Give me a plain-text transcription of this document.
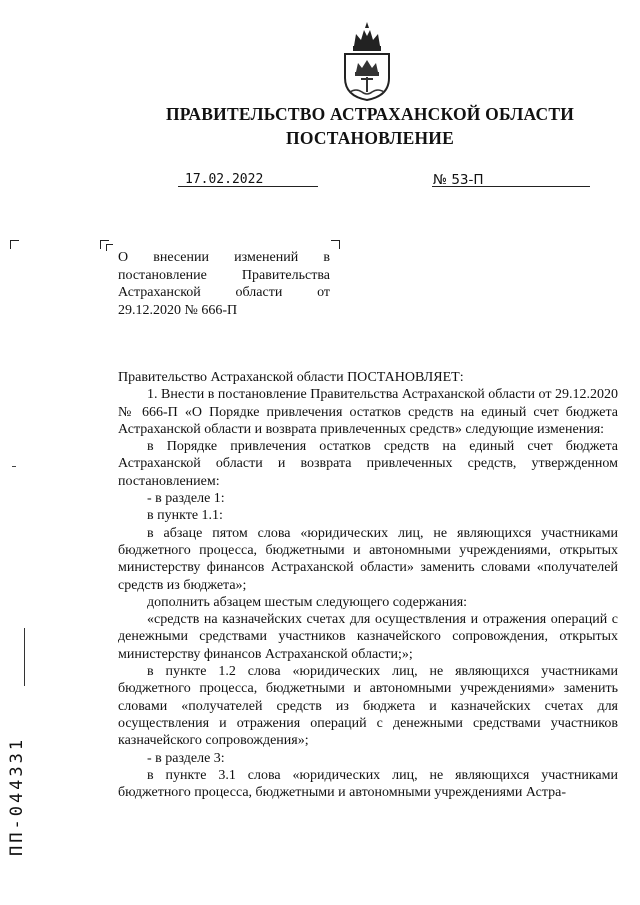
ПРАВИТЕЛЬСТВО АСТРАХАНСКОЙ ОБЛАСТИ
ПОСТАНОВЛЕНИЕ
17.02.2022	№ 53-П
О внесении изменений в постановление Правительства Астраханской области от 29.12.2020 № 666-П

Правительство Астраханской области ПОСТАНОВЛЯЕТ:

1. Внести в постановление Правительства Астраханской области от 29.12.2020 № 666-П «О Порядке привлечения остатков средств на единый счет бюджета Астраханской области и возврата привлеченных средств» следующие изменения:

в Порядке привлечения остатков средств на единый счет бюджета Астраханской области и возврата привлеченных средств, утвержденном постановлением:

- в разделе 1:

в пункте 1.1:

в абзаце пятом слова «юридических лиц, не являющихся участниками бюджетного процесса, бюджетными и автономными учреждениями, открытых министерству финансов Астраханской области» заменить словами «получателей средств из бюджета»;

дополнить абзацем шестым следующего содержания:

«средств на казначейских счетах для осуществления и отражения операций с денежными средствами участников казначейского сопровождения, открытых министерству финансов Астраханской области;»;

в пункте 1.2 слова «юридических лиц, не являющихся участниками бюджетного процесса, бюджетными и автономными учреждениями» заменить словами «получателей средств из бюджета и казначейских счетах для осуществления и отражения операций с денежными средствами участников казначейского сопровождения»;

- в разделе 3:

в пункте 3.1 слова «юридических лиц, не являющихся участниками бюджетного процесса, бюджетными и автономными учреждениями Астра-

ПП-044331
